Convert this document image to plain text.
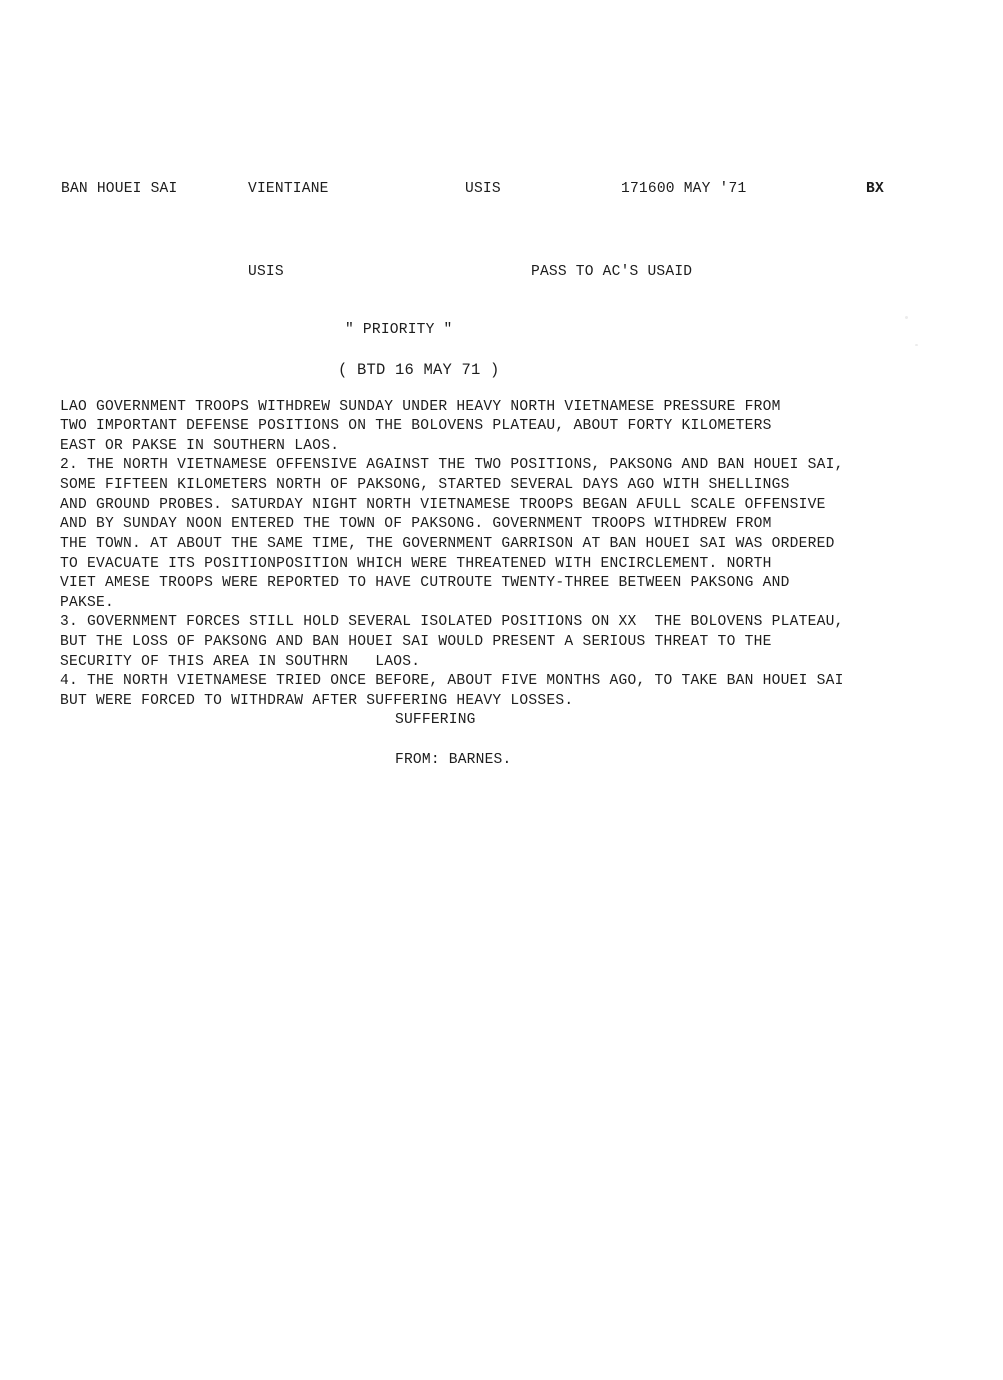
BAN HOUEI SAI	VIENTIANE	USIS	171600 MAY '71	BX
USIS	PASS TO AC'S USAID
" PRIORITY "
( BTD 16 MAY 71 )
LAO GOVERNMENT TROOPS WITHDREW SUNDAY UNDER HEAVY NORTH VIETNAMESE PRESSURE FROM
TWO IMPORTANT DEFENSE POSITIONS ON THE BOLOVENS PLATEAU, ABOUT FORTY KILOMETERS
EAST OR PAKSE IN SOUTHERN LAOS.
2. THE NORTH VIETNAMESE OFFENSIVE AGAINST THE TWO POSITIONS, PAKSONG AND BAN HOUEI SAI,
SOME FIFTEEN KILOMETERS NORTH OF PAKSONG, STARTED SEVERAL DAYS AGO WITH SHELLINGS
AND GROUND PROBES. SATURDAY NIGHT NORTH VIETNAMESE TROOPS BEGAN AFULL SCALE OFFENSIVE
AND BY SUNDAY NOON ENTERED THE TOWN OF PAKSONG. GOVERNMENT TROOPS WITHDREW FROM
THE TOWN. AT ABOUT THE SAME TIME, THE GOVERNMENT GARRISON AT BAN HOUEI SAI WAS ORDERED
TO EVACUATE ITS POSITIONPOSITION WHICH WERE THREATENED WITH ENCIRCLEMENT. NORTH
VIET AMESE TROOPS WERE REPORTED TO HAVE CUTROUTE TWENTY-THREE BETWEEN PAKSONG AND
PAKSE.
3. GOVERNMENT FORCES STILL HOLD SEVERAL ISOLATED POSITIONS ON XX  THE BOLOVENS PLATEAU,
BUT THE LOSS OF PAKSONG AND BAN HOUEI SAI WOULD PRESENT A SERIOUS THREAT TO THE
SECURITY OF THIS AREA IN SOUTHRN   LAOS.
4. THE NORTH VIETNAMESE TRIED ONCE BEFORE, ABOUT FIVE MONTHS AGO, TO TAKE BAN HOUEI SAI
BUT WERE FORCED TO WITHDRAW AFTER SUFFERING HEAVY LOSSES.
SUFFERING
FROM: BARNES.
